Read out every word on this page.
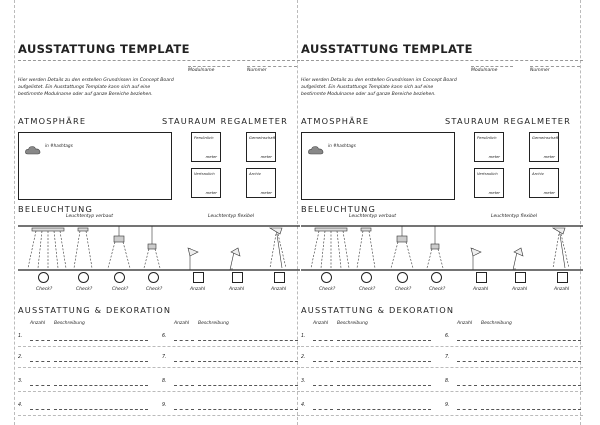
AUSSTATTUNG TEMPLATE
Modulname	Nummer
Hier werden Details zu den erstellen Grundrissen im Concept Board aufgelistet. Ein Ausstattungs Template kann sich auf eine bestimmte Modulname oder auf ganze Bereiche beziehen.
ATMOSPHÄRE	STAURAUM REGALMETER
in #hashtags
Persönlich
meter
Gemeinschaft
meter
Vertraulich
meter
Archiv
meter
BELEUCHTUNG
Leuchtentyp verbaut	Leuchtentyp flexibel
Check?	Check?	Check?	Check?	Anzahl	Anzahl	Anzahl
AUSSTATTUNG & DEKORATION
Anzahl Beschreibung	Anzahl Beschreibung
1.	6.
2.	7.
3.	8.
4.	9.
AUSSTATTUNG TEMPLATE
Modulname	Nummer
Hier werden Details zu den erstellen Grundrissen im Concept Board aufgelistet. Ein Ausstattungs Template kann sich auf eine bestimmte Modulname oder auf ganze Bereiche beziehen.
ATMOSPHÄRE	STAURAUM REGALMETER
in #hashtags
Persönlich
meter
Gemeinschaft
meter
Vertraulich
meter
Archiv
meter
BELEUCHTUNG
Leuchtentyp verbaut	Leuchtentyp flexibel
Check?	Check?	Check?	Check?	Anzahl	Anzahl	Anzahl
AUSSTATTUNG & DEKORATION
Anzahl Beschreibung	Anzahl Beschreibung
1.	6.
2.	7.
3.	8.
4.	9.
